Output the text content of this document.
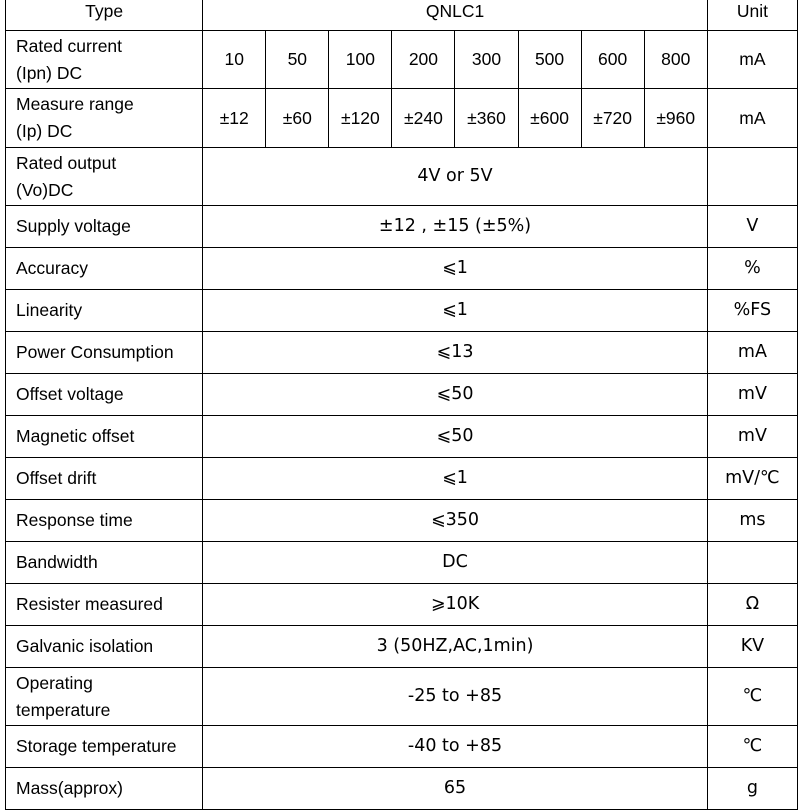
Type	QNLC1								Unit

Rated current
(Ipn) DC	10	50	100	200	300	500	600	800	mA

Measure range
(Ip) DC	±12	±60	±120	±240	±360	±600	±720	±960	mA

Rated output
(Vo)DC	4V or 5V								

Supply voltage	±12 , ±15 (±5%)								V

Accuracy	⩽1								%

Linearity	⩽1								%FS

Power Consumption	⩽13								mA

Offset voltage	⩽50								mV

Magnetic offset	⩽50								mV

Offset drift	⩽1								mV/℃

Response time	⩽350								ms

Bandwidth	DC								

Resister measured	⩾10K								Ω

Galvanic isolation	3 (50HZ,AC,1min)								KV

Operating
temperature	-25 to +85								℃

Storage temperature	-40 to +85								℃

Mass(approx)	65								g
